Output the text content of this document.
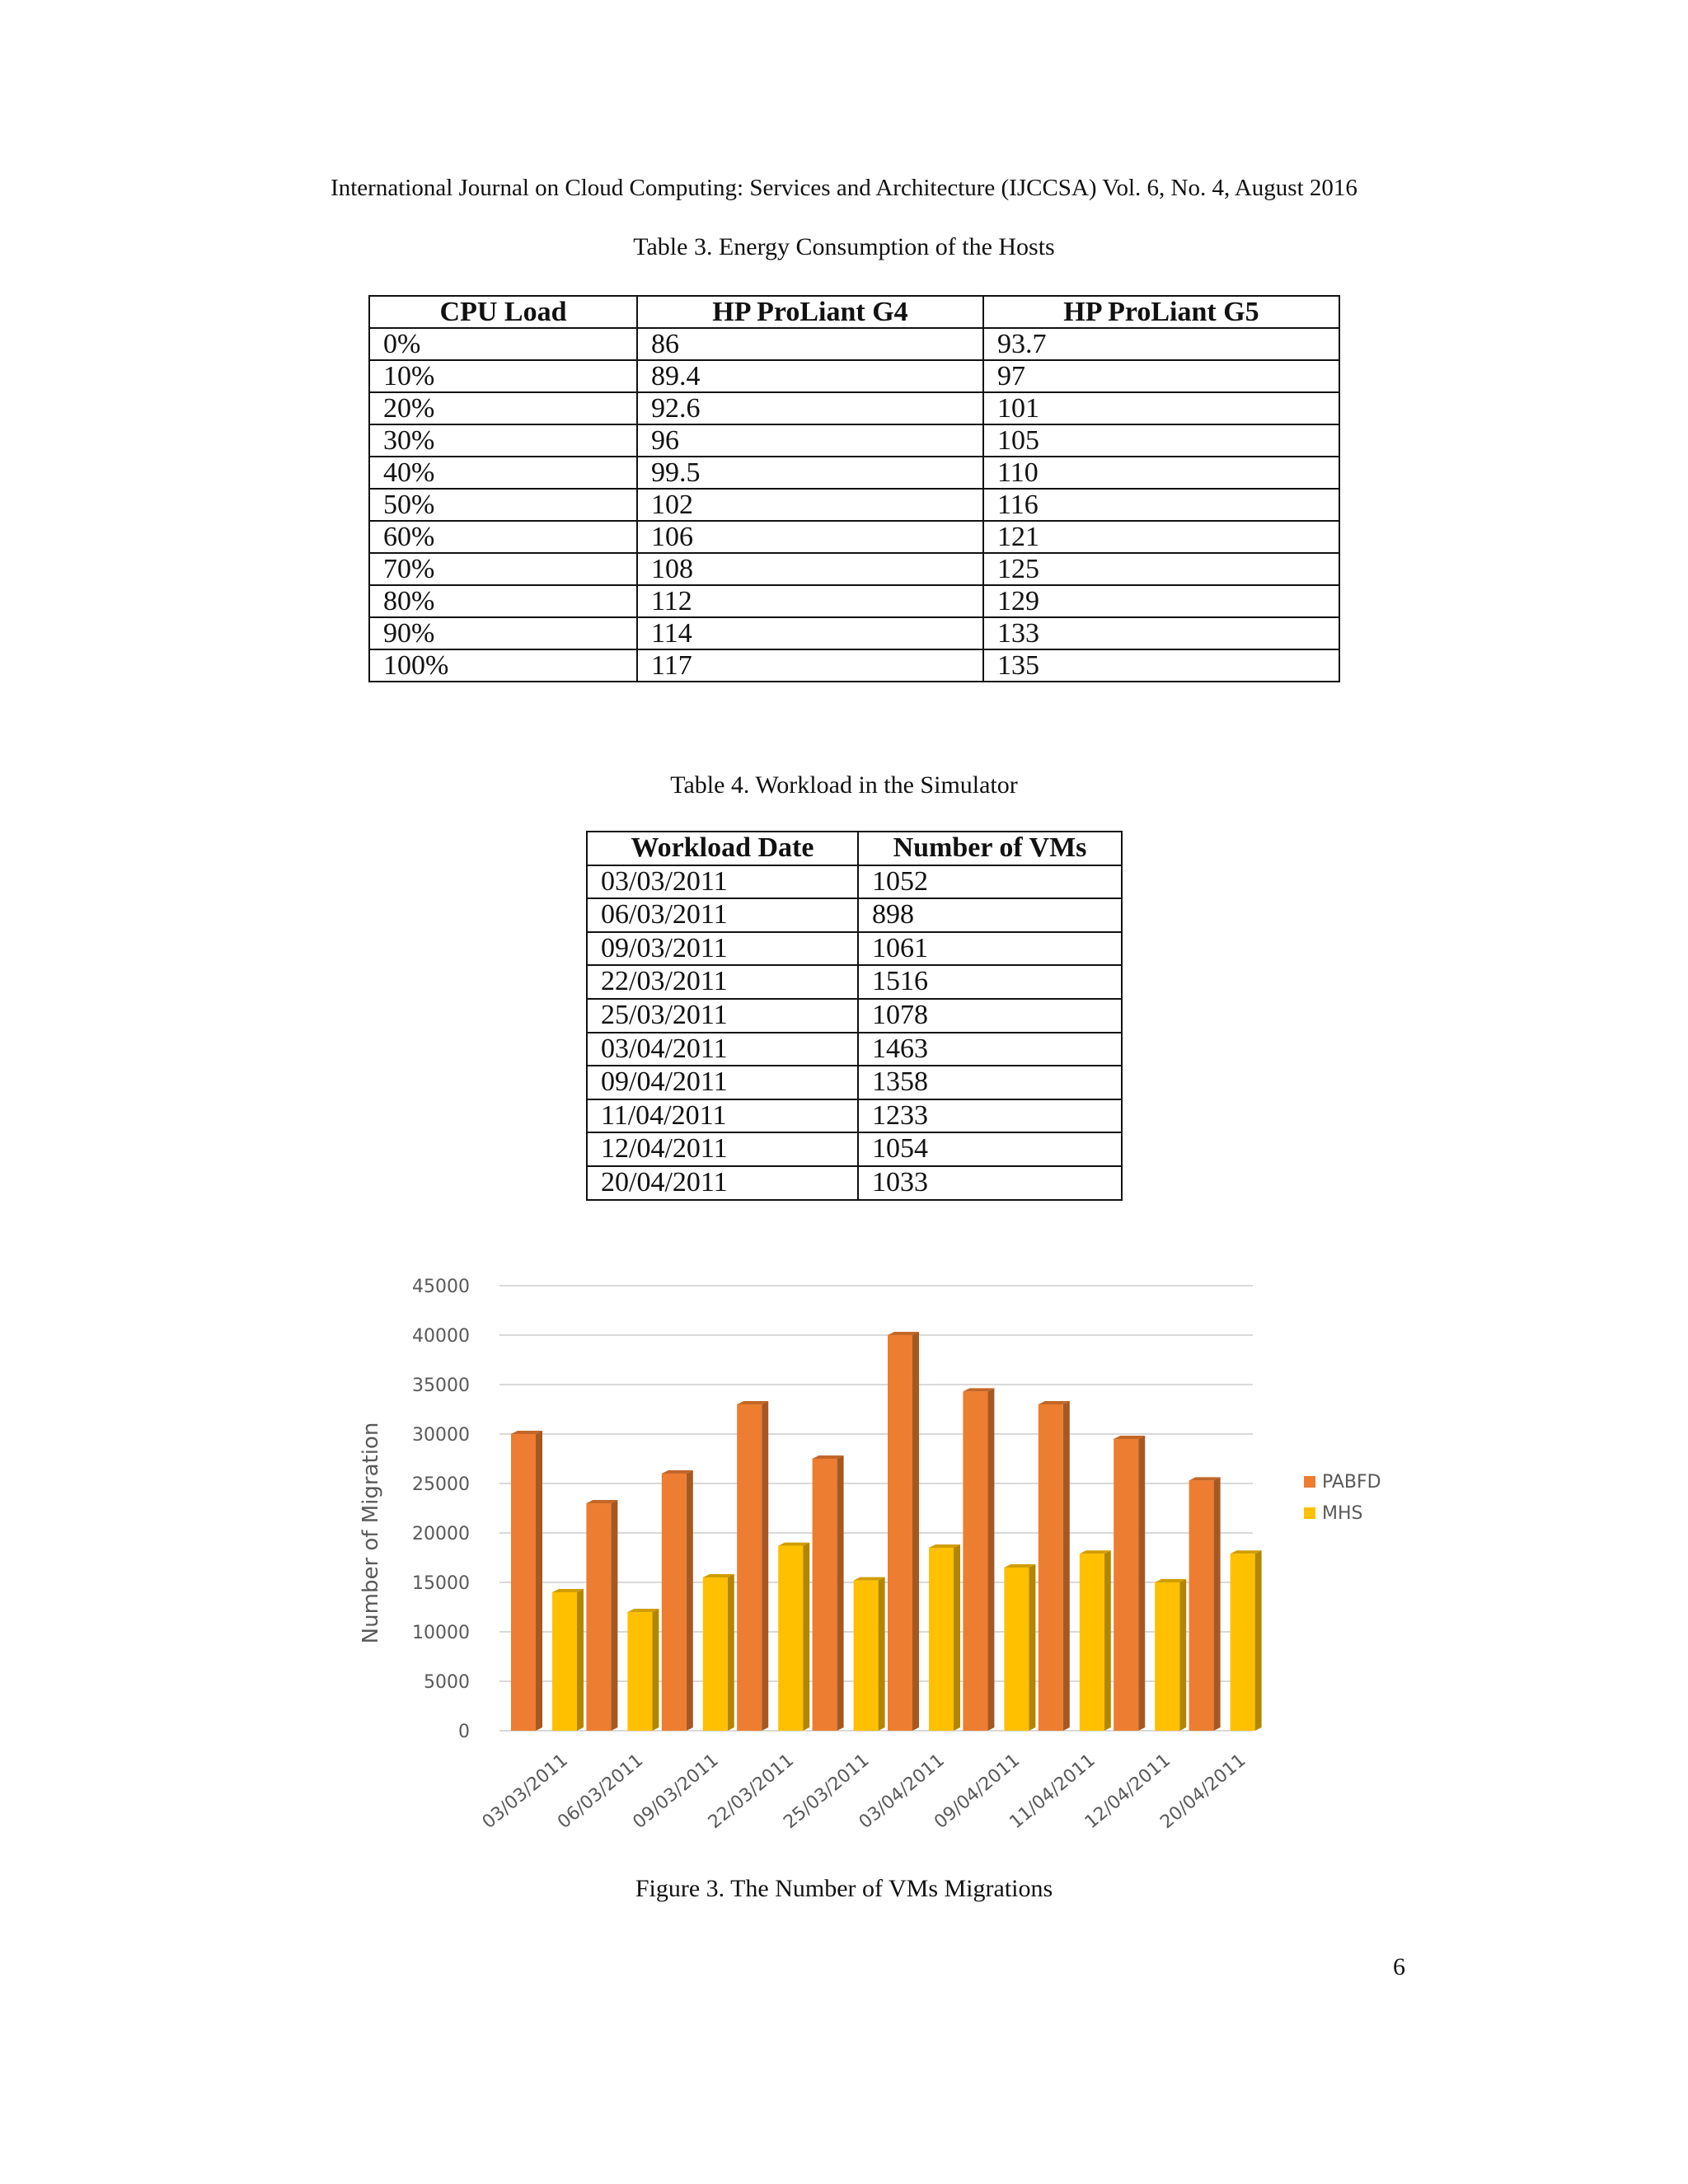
International Journal on Cloud Computing: Services and Architecture (IJCCSA) Vol. 6, No. 4, August 2016
Table 3. Energy Consumption of the Hosts
CPU Load	HP ProLiant G4	HP ProLiant G5
0%	86	93.7
10%	89.4	97
20%	92.6	101
30%	96	105
40%	99.5	110
50%	102	116
60%	106	121
70%	108	125
80%	112	129
90%	114	133
100%	117	135
Table 4. Workload in the Simulator
Workload Date	Number of VMs
03/03/2011	1052
06/03/2011	898
09/03/2011	1061
22/03/2011	1516
25/03/2011	1078
03/04/2011	1463
09/04/2011	1358
11/04/2011	1233
12/04/2011	1054
20/04/2011	1033
0
5000
10000
15000
20000
25000
30000
35000
40000
45000
Number of Migration
03/03/2011
06/03/2011
09/03/2011
22/03/2011
25/03/2011
03/04/2011
09/04/2011
11/04/2011
12/04/2011
20/04/2011
PABFD
MHS
Figure 3. The Number of VMs Migrations
6
